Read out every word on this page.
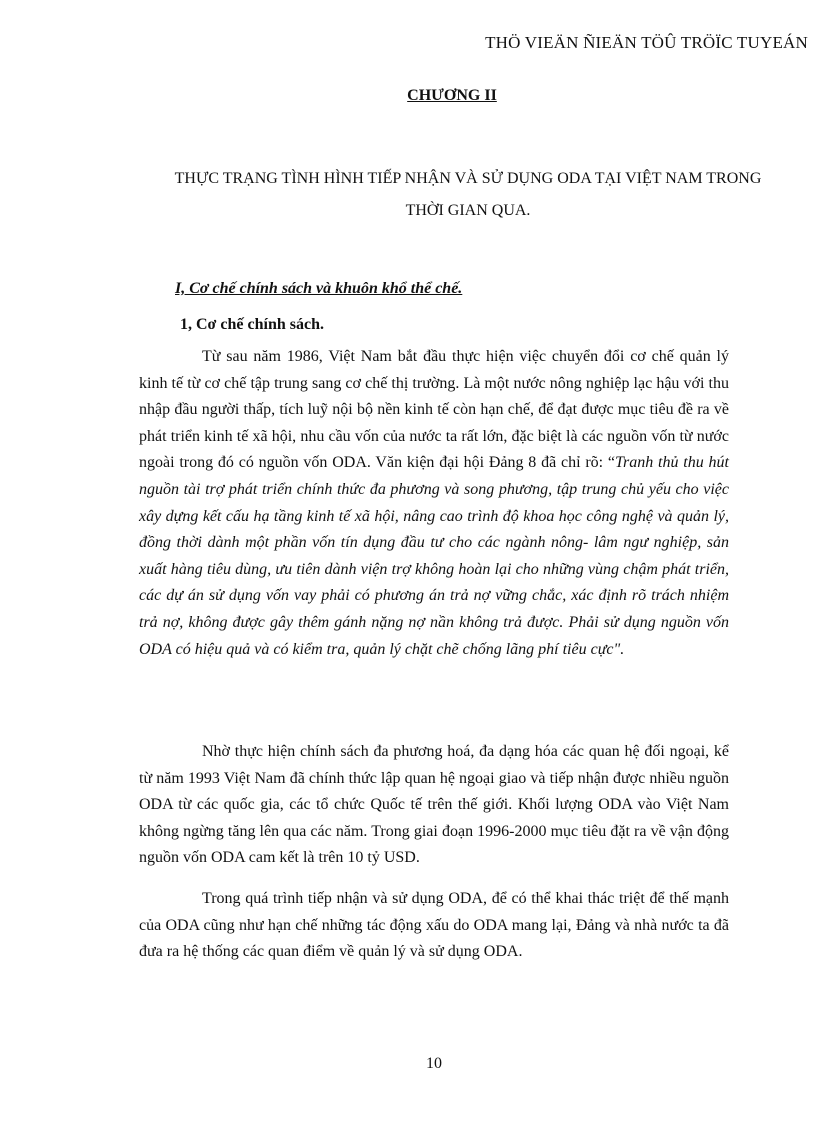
THÖ VIEÄN ÑIEÄN TÖÛ TRÖÏC TUYEÁN
CHƯƠNG II
THỰC TRẠNG TÌNH HÌNH TIẾP NHẬN VÀ SỬ DỤNG ODA TẠI VIỆT NAM TRONG THỜI GIAN QUA.
I, Cơ chế chính sách và khuôn khổ thể chế.
1, Cơ chế chính sách.

Từ sau năm 1986, Việt Nam bắt đầu thực hiện việc chuyển đổi cơ chế quản lý kinh tế từ cơ chế tập trung sang cơ chế thị trường. Là một nước nông nghiệp lạc hậu với thu nhập đầu người thấp, tích luỹ nội bộ nền kinh tế còn hạn chế, để đạt được mục tiêu đề ra về phát triển kinh tế xã hội, nhu cầu vốn của nước ta rất lớn, đặc biệt là các nguồn vốn từ nước ngoài trong đó có nguồn vốn ODA. Văn kiện đại hội Đảng 8 đã chỉ rõ: “Tranh thủ thu hút nguồn tài trợ phát triển chính thức đa phương và song phương, tập trung chủ yếu cho việc xây dựng kết cấu hạ tầng kinh tế xã hội, nâng cao trình độ khoa học công nghệ và quản lý, đồng thời dành một phần vốn tín dụng đầu tư cho các ngành nông- lâm ngư nghiệp, sản xuất hàng tiêu dùng, ưu tiên dành viện trợ không hoàn lại cho những vùng chậm phát triển, các dự án sử dụng vốn vay phải có phương án trả nợ vững chắc, xác định rõ trách nhiệm trả nợ, không được gây thêm gánh nặng nợ nần không trả được. Phải sử dụng nguồn vốn ODA có hiệu quả và có kiểm tra, quản lý chặt chẽ chống lãng phí tiêu cực".

Nhờ thực hiện chính sách đa phương hoá, đa dạng hóa các quan hệ đối ngoại, kể từ năm 1993 Việt Nam đã chính thức lập quan hệ ngoại giao và tiếp nhận được nhiều nguồn ODA từ các quốc gia, các tổ chức Quốc tế trên thế giới. Khối lượng ODA vào Việt Nam không ngừng tăng lên qua các năm. Trong giai đoạn 1996-2000 mục tiêu đặt ra về vận động nguồn vốn ODA cam kết là trên 10 tỷ USD.

Trong quá trình tiếp nhận và sử dụng ODA, để có thể khai thác triệt để thế mạnh của ODA cũng như hạn chế những tác động xấu do ODA mang lại, Đảng và nhà nước ta đã đưa ra hệ thống các quan điểm về quản lý và sử dụng ODA.

10
